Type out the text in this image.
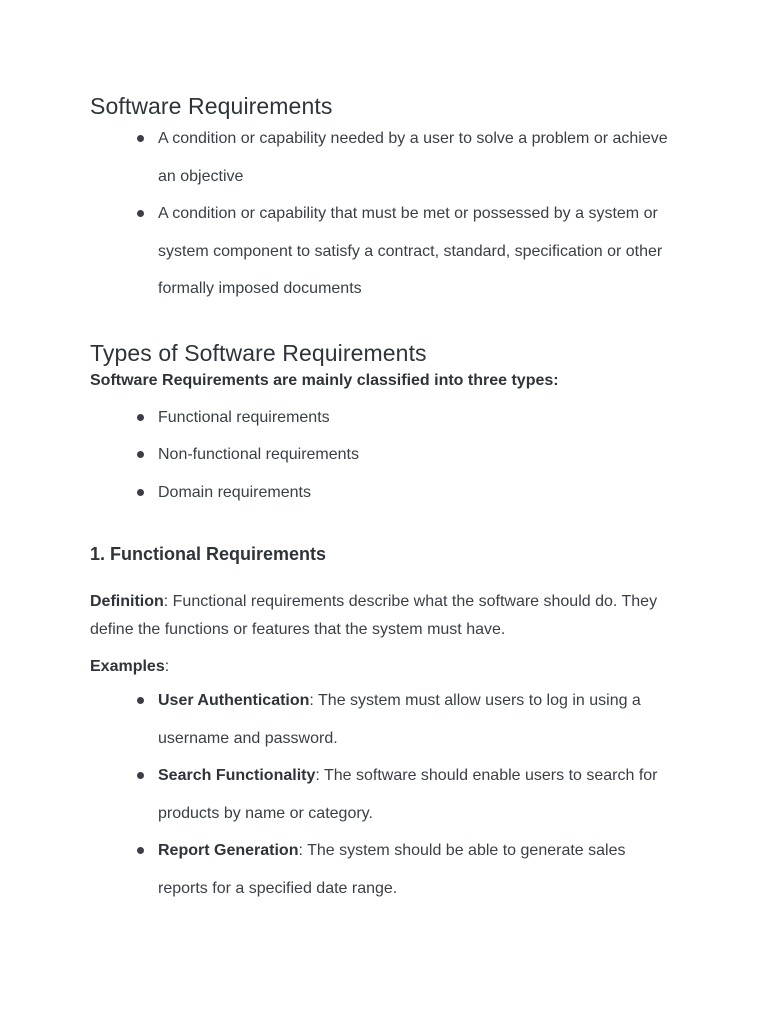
Software Requirements
A condition or capability needed by a user to solve a problem or achieve an objective
A condition or capability that must be met or possessed by a system or system component to satisfy a contract, standard, specification or other formally imposed documents
Types of Software Requirements

Software Requirements are mainly classified into three types:

Functional requirements
Non-functional requirements
Domain requirements
1. Functional Requirements

Definition: Functional requirements describe what the software should do. They define the functions or features that the system must have.

Examples:

User Authentication: The system must allow users to log in using a username and password.
Search Functionality: The software should enable users to search for products by name or category.
Report Generation: The system should be able to generate sales reports for a specified date range.
